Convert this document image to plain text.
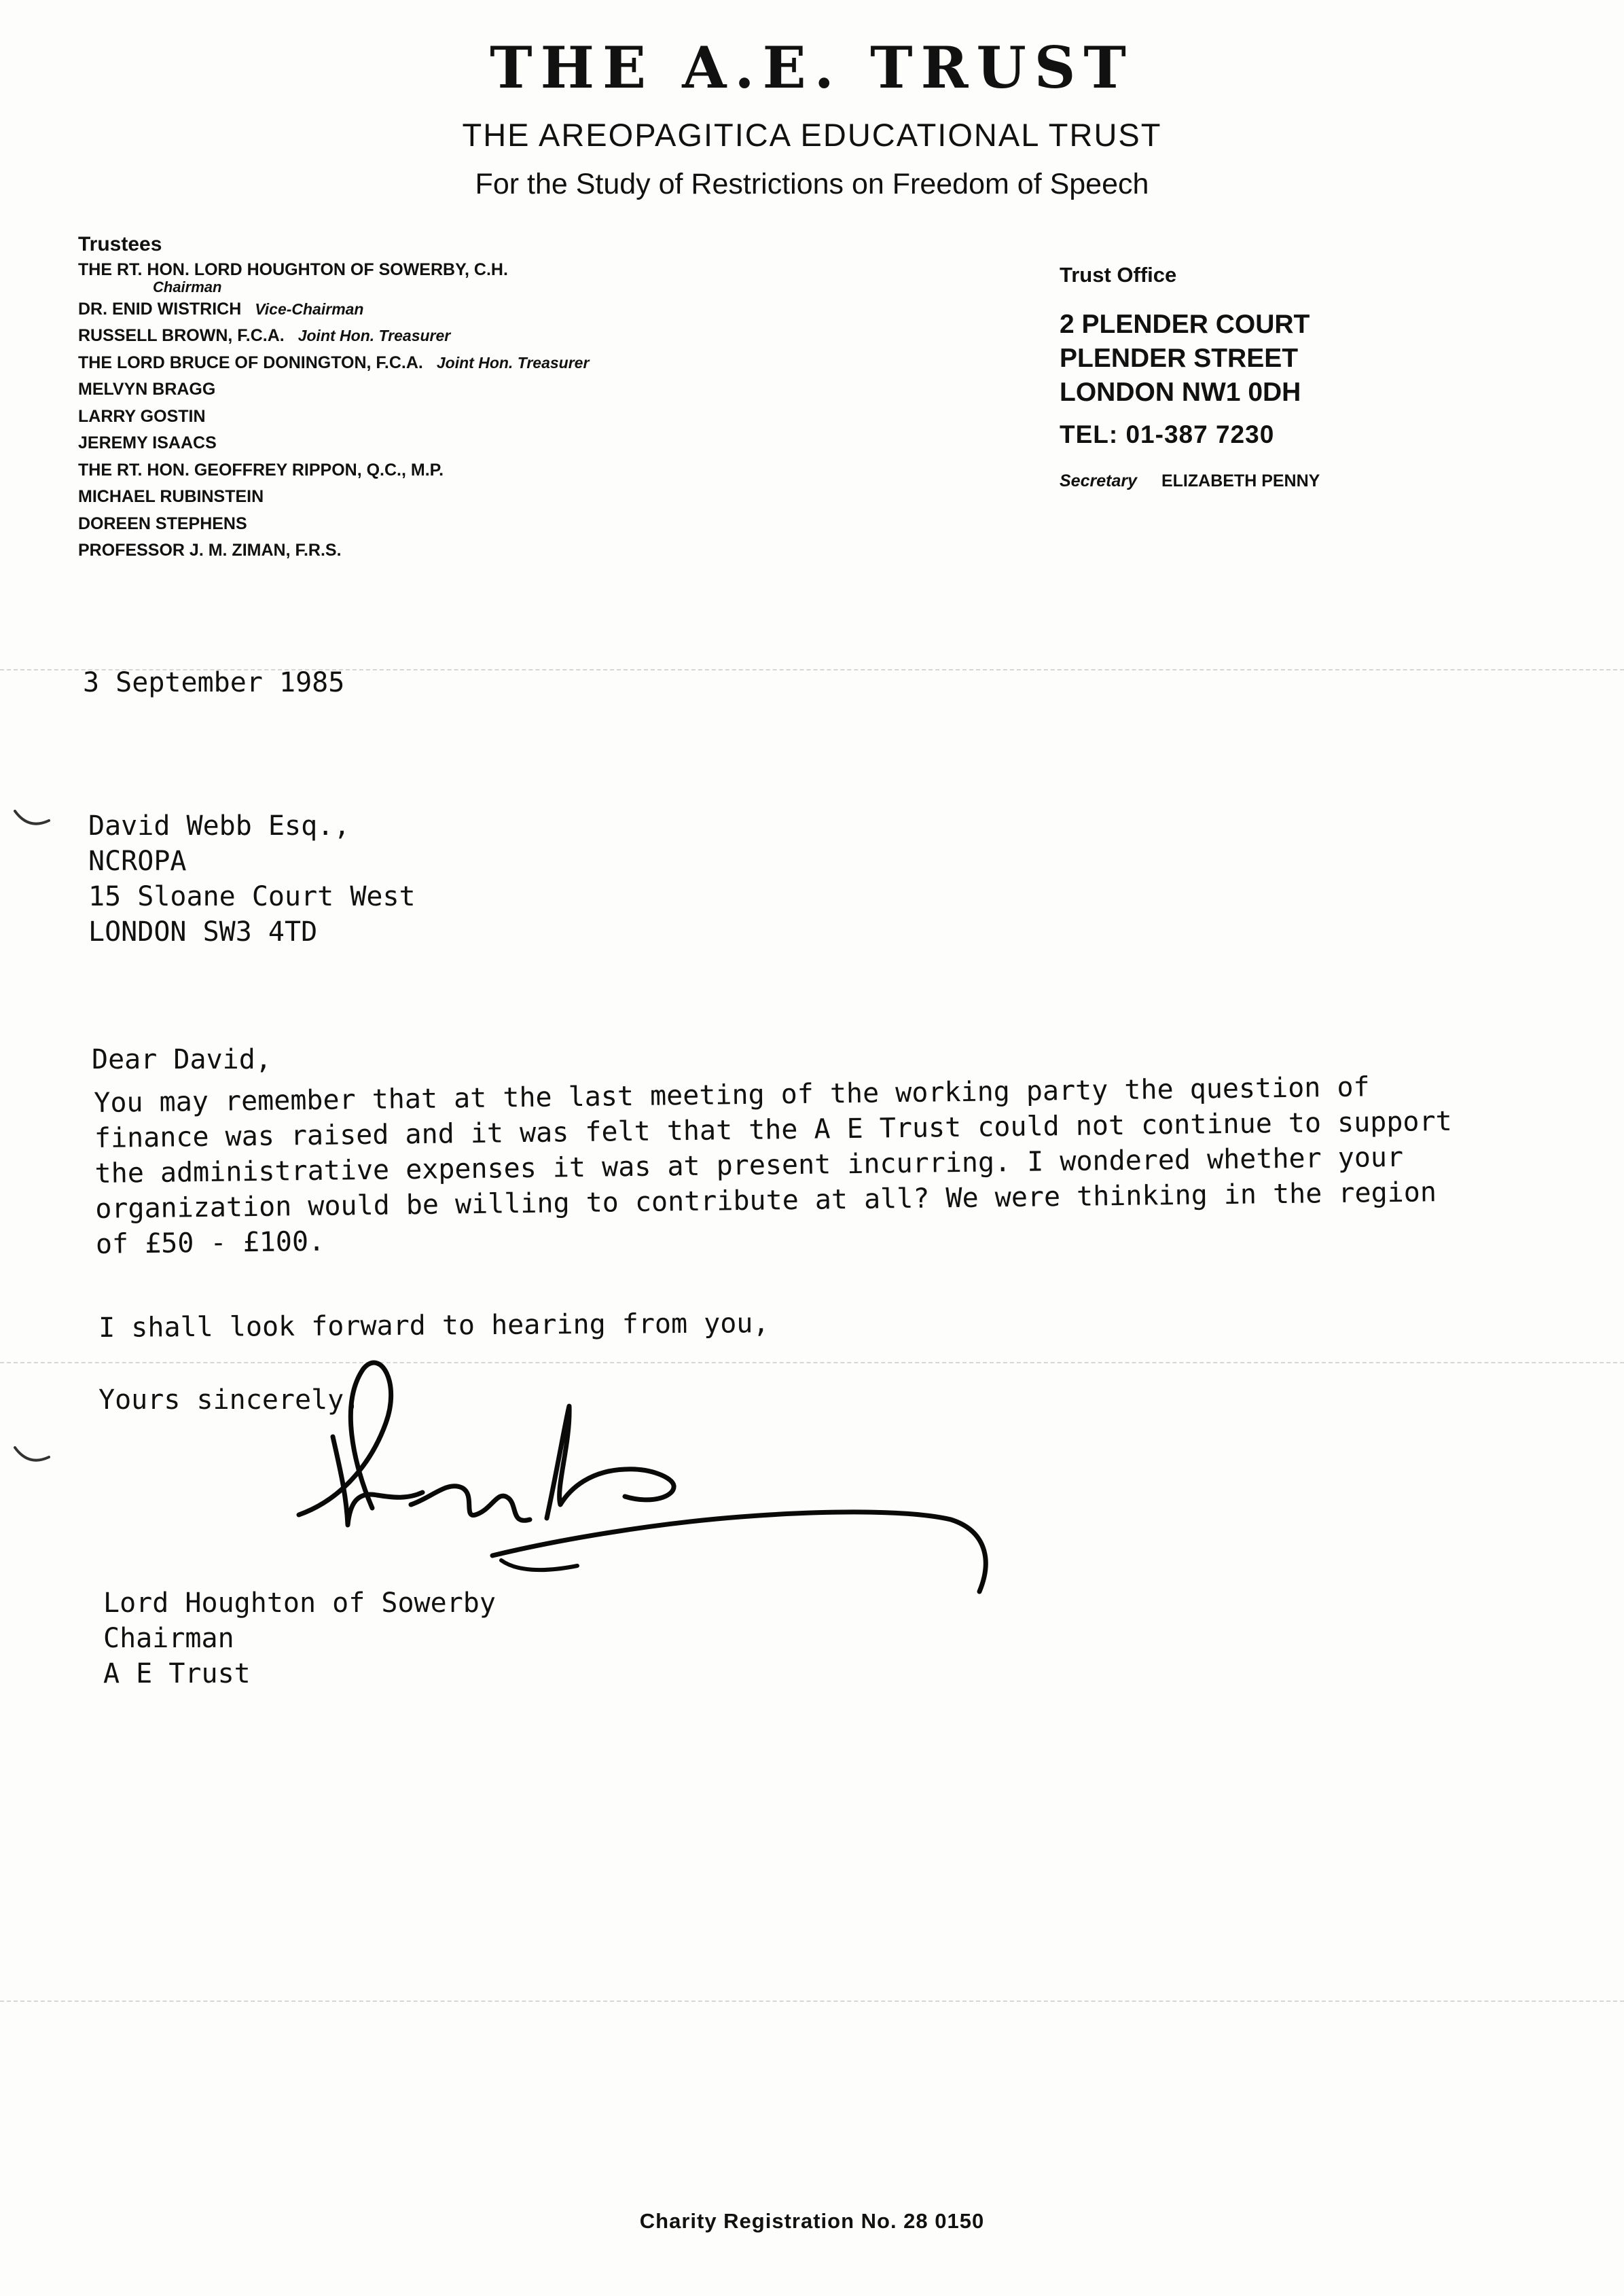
THE A.E. TRUST
THE AREOPAGITICA EDUCATIONAL TRUST
For the Study of Restrictions on Freedom of Speech
Trustees
THE RT. HON. LORD HOUGHTON OF SOWERBY, C.H.
Chairman
DR. ENID WISTRICH Vice-Chairman
RUSSELL BROWN, F.C.A. Joint Hon. Treasurer
THE LORD BRUCE OF DONINGTON, F.C.A. Joint Hon. Treasurer
MELVYN BRAGG
LARRY GOSTIN
JEREMY ISAACS
THE RT. HON. GEOFFREY RIPPON, Q.C., M.P.
MICHAEL RUBINSTEIN
DOREEN STEPHENS
PROFESSOR J. M. ZIMAN, F.R.S.
Trust Office
2 PLENDER COURT
PLENDER STREET
LONDON NW1 0DH
TEL: 01-387 7230
Secretary ELIZABETH PENNY
3 September 1985
David Webb Esq.,
NCROPA
15 Sloane Court West
LONDON SW3 4TD
Dear David,
You may remember that at the last meeting of the working party the question of
finance was raised and it was felt that the A E Trust could not continue to support
the administrative expenses it was at present incurring. I wondered whether your
organization would be willing to contribute at all? We were thinking in the region
of £50 - £100.
I shall look forward to hearing from you,
Yours sincerely,
Lord Houghton of Sowerby
Chairman
A E Trust
Charity Registration No. 28 0150
